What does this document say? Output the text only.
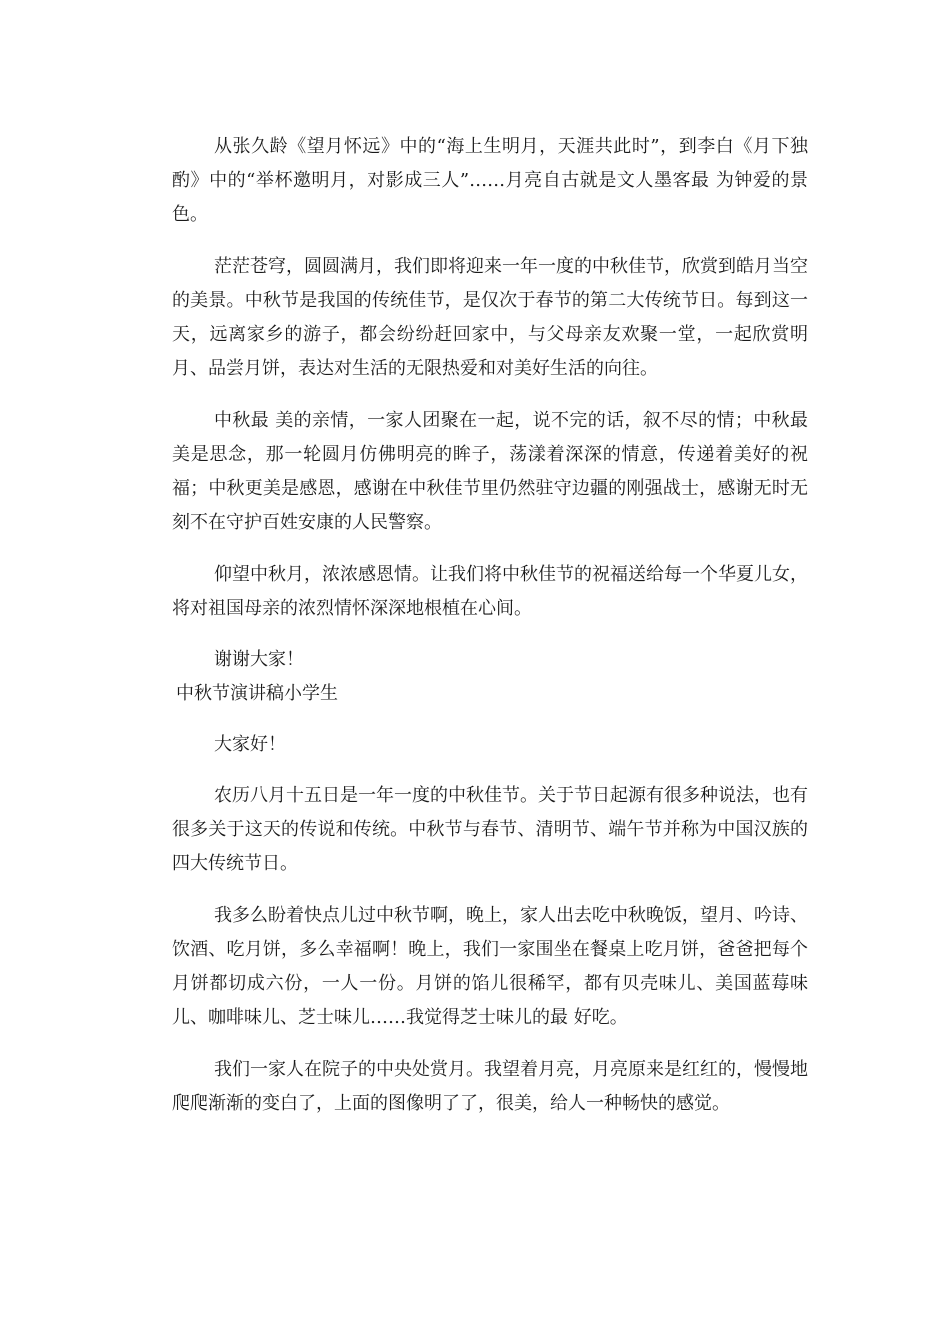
从张久龄《望月怀远》中的“海上生明月，天涯共此时”，到李白《月下独酌》中的“举杯邀明月，对影成三人”……月亮自古就是文人墨客最 为钟爱的景色。

茫茫苍穹，圆圆满月，我们即将迎来一年一度的中秋佳节，欣赏到皓月当空的美景。中秋节是我国的传统佳节，是仅次于春节的第二大传统节日。每到这一天，远离家乡的游子，都会纷纷赶回家中，与父母亲友欢聚一堂，一起欣赏明月、品尝月饼，表达对生活的无限热爱和对美好生活的向往。

中秋最 美的亲情，一家人团聚在一起，说不完的话，叙不尽的情；中秋最 美是思念，那一轮圆月仿佛明亮的眸子，荡漾着深深的情意，传递着美好的祝福；中秋更美是感恩，感谢在中秋佳节里仍然驻守边疆的刚强战士，感谢无时无刻不在守护百姓安康的人民警察。

仰望中秋月，浓浓感恩情。让我们将中秋佳节的祝福送给每一个华夏儿女，将对祖国母亲的浓烈情怀深深地根植在心间。

谢谢大家！

中秋节演讲稿小学生

大家好！

农历八月十五日是一年一度的中秋佳节。关于节日起源有很多种说法，也有很多关于这天的传说和传统。中秋节与春节、清明节、端午节并称为中国汉族的四大传统节日。

我多么盼着快点儿过中秋节啊，晚上，家人出去吃中秋晚饭，望月、吟诗、饮酒、吃月饼，多么幸福啊！晚上，我们一家围坐在餐桌上吃月饼，爸爸把每个月饼都切成六份，一人一份。月饼的馅儿很稀罕，都有贝壳味儿、美国蓝莓味儿、咖啡味儿、芝士味儿……我觉得芝士味儿的最 好吃。

我们一家人在院子的中央处赏月。我望着月亮，月亮原来是红红的，慢慢地爬爬渐渐的变白了，上面的图像明了了，很美，给人一种畅快的感觉。
